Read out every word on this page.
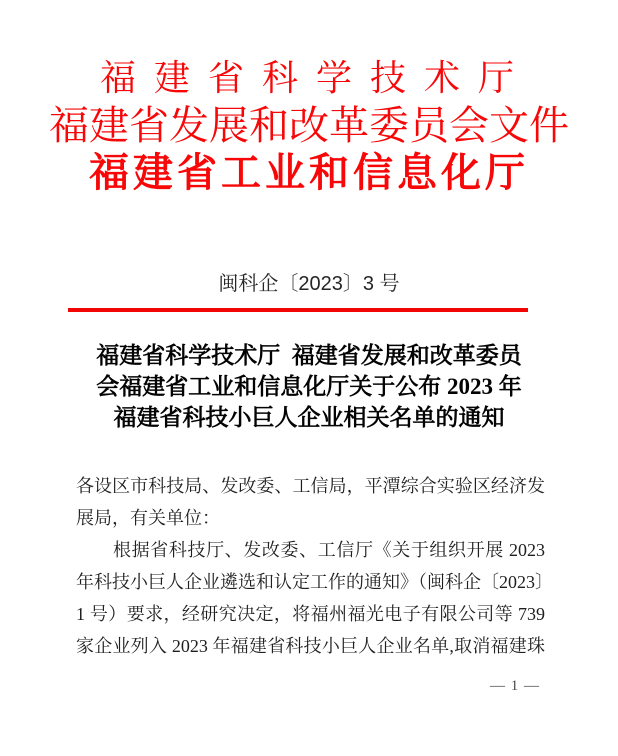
福 建 省 科 学 技 术 厅
福建省发展和改革委员会文件
福建省工业和信息化厅
闽科企〔2023〕3 号
福建省科学技术厅  福建省发展和改革委员
会福建省工业和信息化厅关于公布 2023 年
福建省科技小巨人企业相关名单的通知
各设区市科技局、发改委、工信局，平潭综合实验区经济发
展局，有关单位：
根据省科技厅、发改委、工信厅《关于组织开展 2023
年科技小巨人企业遴选和认定工作的通知》（闽科企〔2023〕
1 号）要求，经研究决定，将福州福光电子有限公司等 739
家企业列入 2023 年福建省科技小巨人企业名单,取消福建珠
— 1 —
